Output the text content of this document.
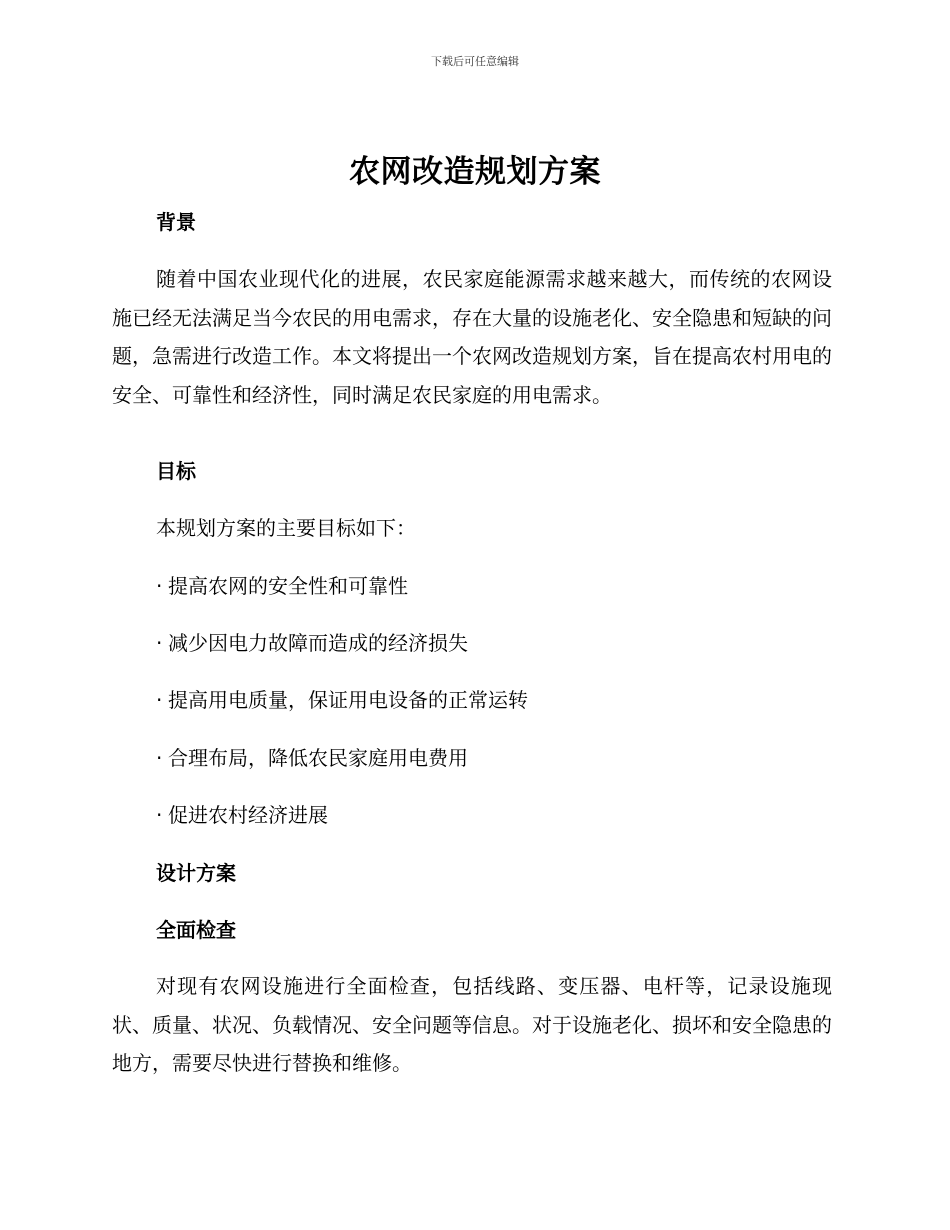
下载后可任意编辑
农网改造规划方案
背景
随着中国农业现代化的进展，农民家庭能源需求越来越大，而传统的农网设施已经无法满足当今农民的用电需求，存在大量的设施老化、安全隐患和短缺的问题，急需进行改造工作。本文将提出一个农网改造规划方案，旨在提高农村用电的安全、可靠性和经济性，同时满足农民家庭的用电需求。
目标
本规划方案的主要目标如下：
· 提高农网的安全性和可靠性
· 减少因电力故障而造成的经济损失
· 提高用电质量，保证用电设备的正常运转
· 合理布局，降低农民家庭用电费用
· 促进农村经济进展
设计方案
全面检查
对现有农网设施进行全面检查，包括线路、变压器、电杆等，记录设施现状、质量、状况、负载情况、安全问题等信息。对于设施老化、损坏和安全隐患的地方，需要尽快进行替换和维修。
